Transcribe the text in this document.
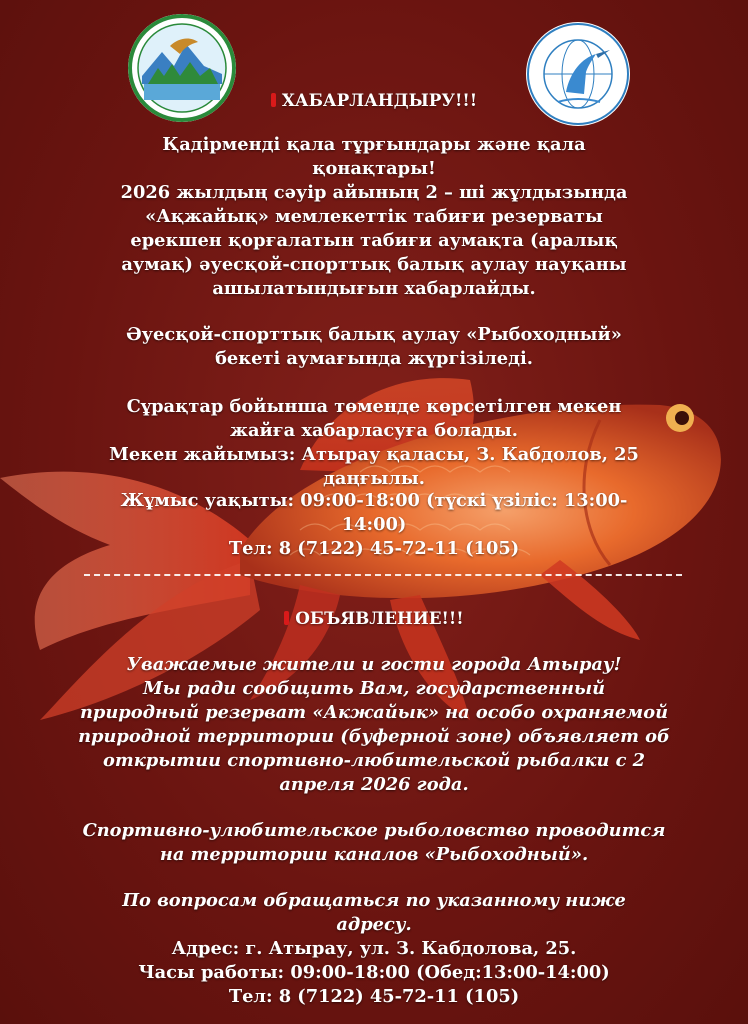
ХАБАРЛАНДЫРУ!!!
Қадірменді қала тұрғындары және қала
қонақтары!
2026 жылдың сәуір айының 2 – ші жұлдызында
«Ақжайық» мемлекеттік табиғи резерваты
ерекшен қорғалатын табиғи аумақта (аралық
аумақ) әуесқой-спорттық балық аулау науқаны
ашылатындығын хабарлайды.
Әуесқой-спорттық балық аулау «Рыбоходный»
бекеті аумағында жүргізіледі.
Сұрақтар бойынша төменде көрсетілген мекен
жайға хабарласуға болады.
Мекен жайымыз: Атырау қаласы, З. Кабдолов, 25
даңғылы.
Жұмыс уақыты: 09:00-18:00 (түскі үзіліс: 13:00-
14:00)
Тел: 8 (7122) 45-72-11 (105)
ОБЪЯВЛЕНИЕ!!!
Уважаемые жители и гости города Атырау!
Мы ради сообщить Вам, государственный
природный резерват «Акжайык» на особо охраняемой
природной территории (буферной зоне) объявляет об
открытии спортивно-любительской рыбалки с 2
апреля 2026 года.
Спортивно-улюбительское рыболовство проводится
на территории каналов «Рыбоходный».
По вопросам обращаться по указанному ниже
адресу.
Адрес: г. Атырау, ул. З. Кабдолова, 25.
Часы работы: 09:00-18:00 (Обед:13:00-14:00)
Тел: 8 (7122) 45-72-11 (105)
